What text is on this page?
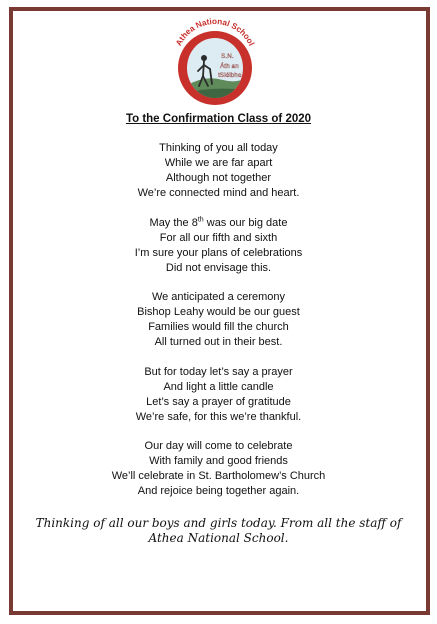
Athea National School
S.N.
Áth an
tSléibhe
To the Confirmation Class of 2020
Thinking of you all today
While we are far apart
Although not together
We’re connected mind and heart.
May the 8th was our big date
For all our fifth and sixth
I’m sure your plans of celebrations
Did not envisage this.
We anticipated a ceremony
Bishop Leahy would be our guest
Families would fill the church
All turned out in their best.
But for today let’s say a prayer
And light a little candle
Let’s say a prayer of gratitude
We’re safe, for this we’re thankful.
Our day will come to celebrate
With family and good friends
We’ll celebrate in St. Bartholomew’s Church
And rejoice being together again.
Thinking of all our boys and girls today. From all the staff of Athea National School.
